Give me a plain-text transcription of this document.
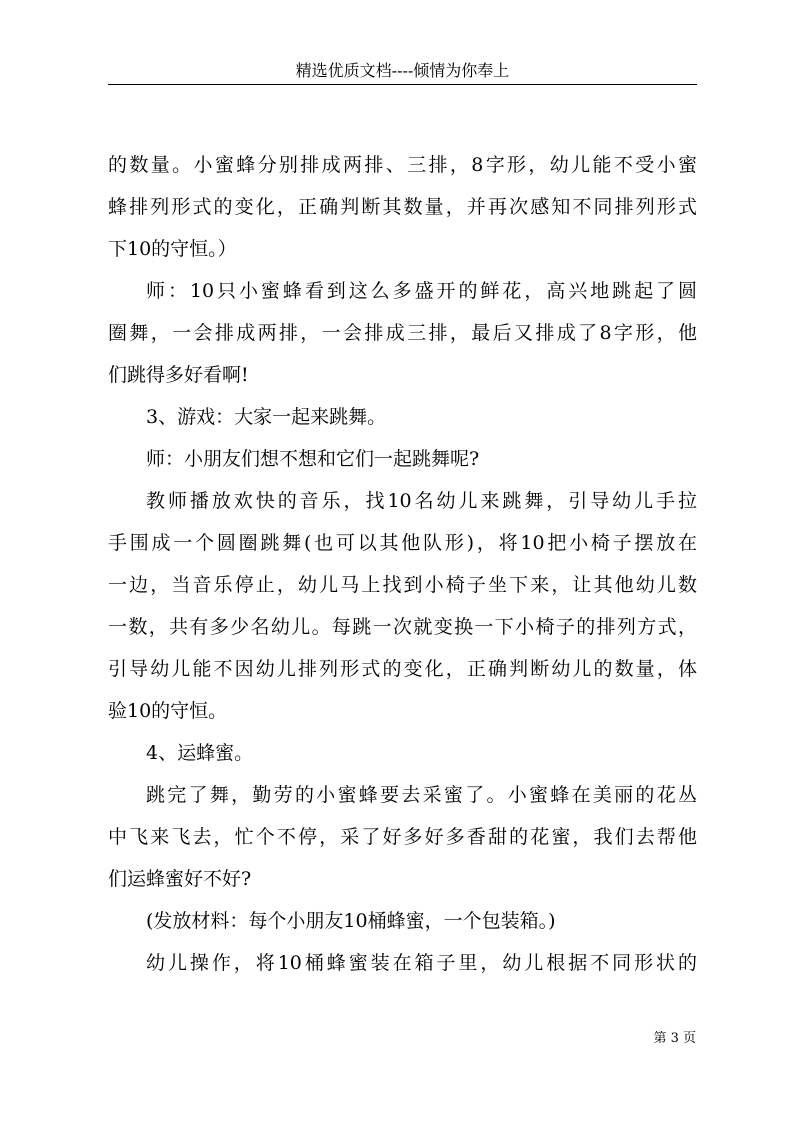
精选优质文档----倾情为你奉上
的数量。小蜜蜂分别排成两排、三排，8字形，幼儿能不受小蜜
蜂排列形式的变化，正确判断其数量，并再次感知不同排列形式
下10的守恒。）
师：10只小蜜蜂看到这么多盛开的鲜花，高兴地跳起了圆
圈舞，一会排成两排，一会排成三排，最后又排成了8字形，他
们跳得多好看啊!
3、游戏：大家一起来跳舞。
师：小朋友们想不想和它们一起跳舞呢?
教师播放欢快的音乐，找10名幼儿来跳舞，引导幼儿手拉
手围成一个圆圈跳舞(也可以其他队形)，将10把小椅子摆放在
一边，当音乐停止，幼儿马上找到小椅子坐下来，让其他幼儿数
一数，共有多少名幼儿。每跳一次就变换一下小椅子的排列方式，
引导幼儿能不因幼儿排列形式的变化，正确判断幼儿的数量，体
验10的守恒。
4、运蜂蜜。
跳完了舞，勤劳的小蜜蜂要去采蜜了。小蜜蜂在美丽的花丛
中飞来飞去，忙个不停，采了好多好多香甜的花蜜，我们去帮他
们运蜂蜜好不好?
(发放材料：每个小朋友10桶蜂蜜，一个包装箱。)
幼儿操作，将10桶蜂蜜装在箱子里，幼儿根据不同形状的
第 3 页
